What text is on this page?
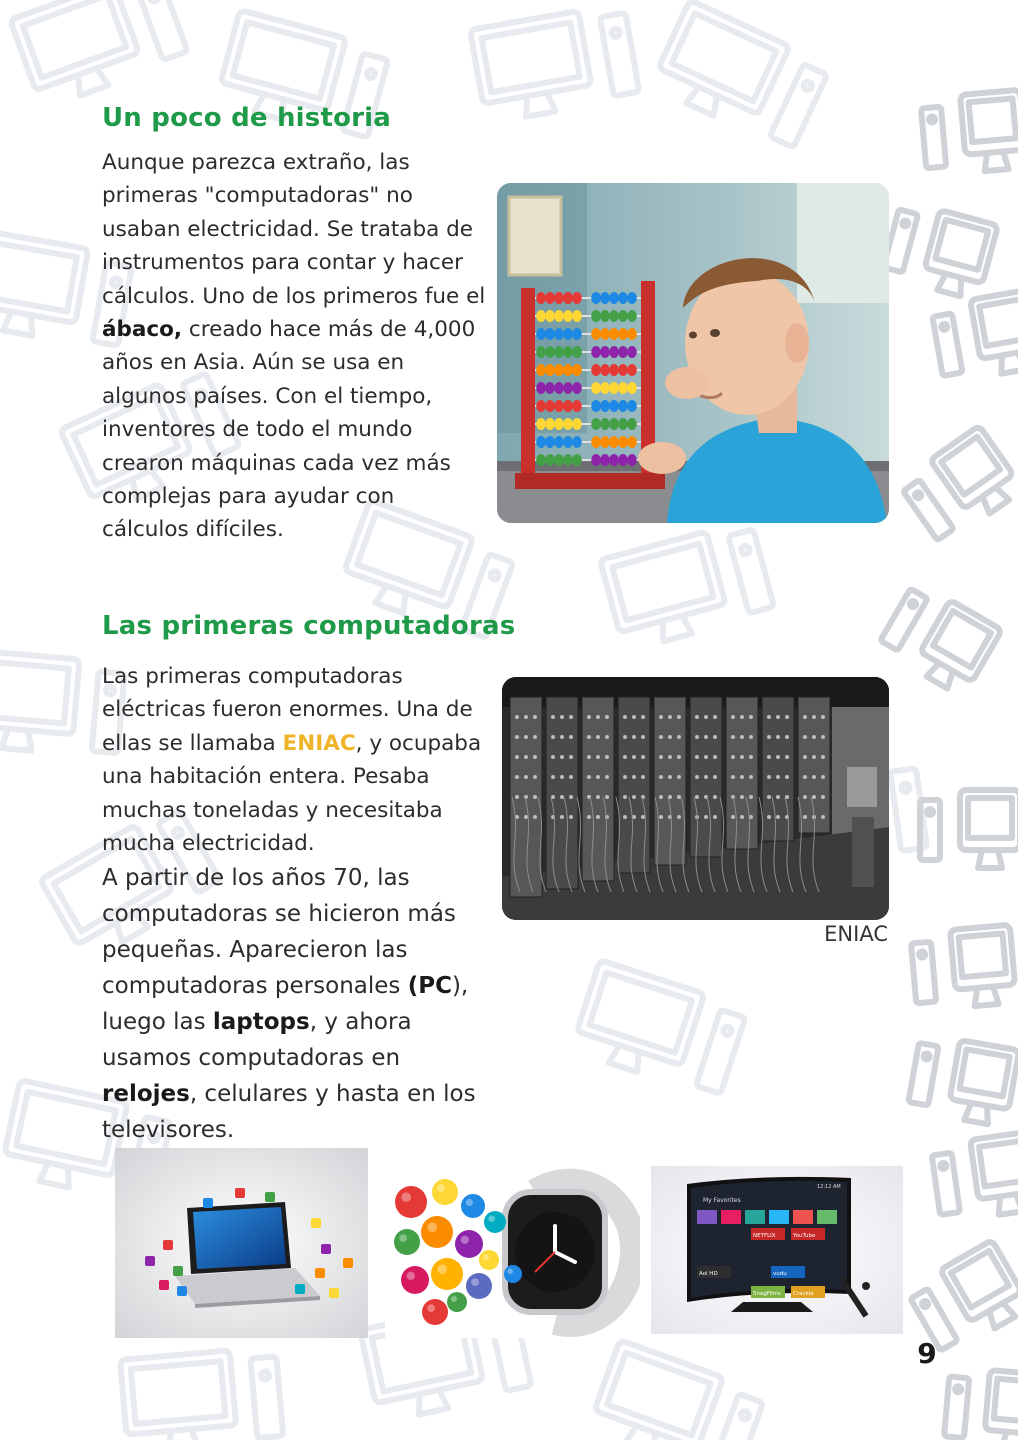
Un poco de historia

Aunque parezca extraño, las primeras "computadoras" no usaban electricidad. Se trataba de instrumentos para contar y hacer cálculos. Uno de los primeros fue el ábaco, creado hace más de 4,000 años en Asia. Aún se usa en algunos países. Con el tiempo, inventores de todo el mundo crearon máquinas cada vez más complejas para ayudar con cálculos difíciles.

Las primeras computadoras

Las primeras computadoras eléctricas fueron enormes. Una de ellas se llamaba ENIAC, y ocupaba una habitación entera. Pesaba muchas toneladas y necesitaba mucha electricidad.

A partir de los años 70, las computadoras se hicieron más pequeñas. Aparecieron las computadoras personales (PC), luego las laptops, y ahora usamos computadoras en relojes, celulares y hasta en los televisores.

ENIAC
My Favorites
12:12 AM
NETFLIX	YouTube
Aol HD	vudu
SnagFilms Crackle
9
